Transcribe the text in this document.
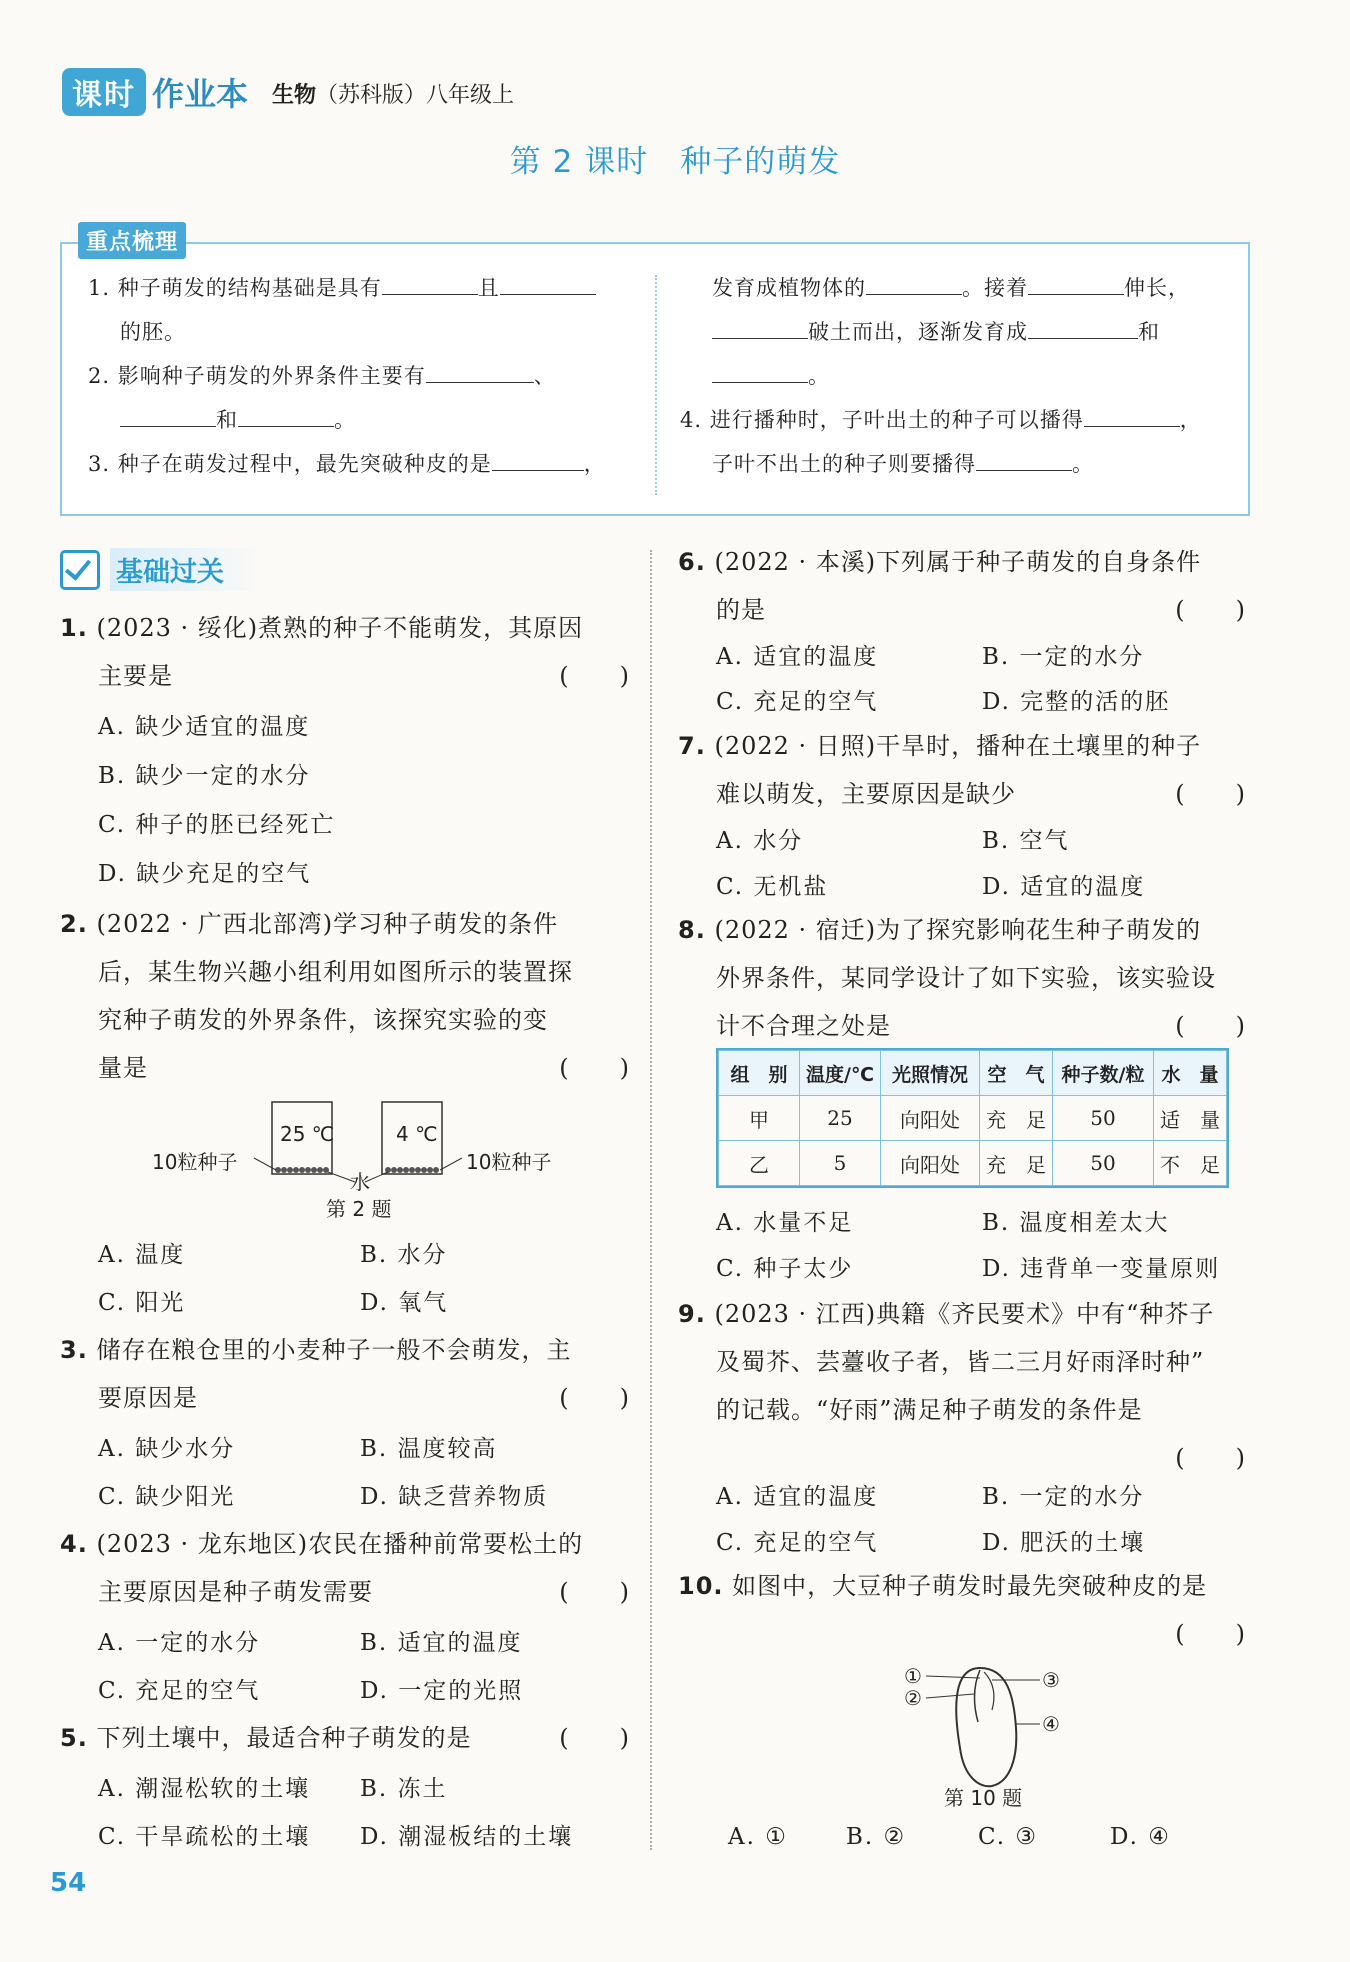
课时 作业本 生物（苏科版）八年级上
第 2 课时　种子的萌发
重点梳理
1. 种子萌发的结构基础是具有	且
的胚。
2. 影响种子萌发的外界条件主要有	、
和	。
3. 种子在萌发过程中，最先突破种皮的是	，
发育成植物体的	。接着	伸长，
破土而出，逐渐发育成	和
。
4. 进行播种时，子叶出土的种子可以播得	，
子叶不出土的种子则要播得	。
基础过关
1. (2023 · 绥化)煮熟的种子不能萌发，其原因
主要是	(　　)
A. 缺少适宜的温度
B. 缺少一定的水分
C. 种子的胚已经死亡
D. 缺少充足的空气
2. (2022 · 广西北部湾)学习种子萌发的条件
后，某生物兴趣小组利用如图所示的装置探
究种子萌发的外界条件，该探究实验的变
量是	(　　)
25 ℃	4 ℃
10粒种子	10粒种子
水
第 2 题
A. 温度	B. 水分
C. 阳光	D. 氧气
3. 储存在粮仓里的小麦种子一般不会萌发，主
要原因是	(　　)
A. 缺少水分	B. 温度较高
C. 缺少阳光	D. 缺乏营养物质
4. (2023 · 龙东地区)农民在播种前常要松土的
主要原因是种子萌发需要	(　　)
A. 一定的水分	B. 适宜的温度
C. 充足的空气	D. 一定的光照
5. 下列土壤中，最适合种子萌发的是	(　　)
A. 潮湿松软的土壤 B. 冻土
C. 干旱疏松的土壤 D. 潮湿板结的土壤
6. (2022 · 本溪)下列属于种子萌发的自身条件
的是	(　　)
A. 适宜的温度	B. 一定的水分
C. 充足的空气	D. 完整的活的胚
7. (2022 · 日照)干旱时，播种在土壤里的种子
难以萌发，主要原因是缺少	(　　)
A. 水分	B. 空气
C. 无机盐	D. 适宜的温度
8. (2022 · 宿迁)为了探究影响花生种子萌发的
外界条件，某同学设计了如下实验，该实验设
计不合理之处是	(　　)
组　别	温度/℃	光照情况	空　气	种子数/粒	水　量
甲	25	向阳处	充　足	50	适　量
乙	5	向阳处	充　足	50	不　足
A. 水量不足	B. 温度相差太大
C. 种子太少	D. 违背单一变量原则
9. (2023 · 江西)典籍《齐民要术》中有“种芥子
及蜀芥、芸薹收子者，皆二三月好雨泽时种”
的记载。“好雨”满足种子萌发的条件是
(　　)
A. 适宜的温度	B. 一定的水分
C. 充足的空气	D. 肥沃的土壤
10. 如图中，大豆种子萌发时最先突破种皮的是
(　　)
①
②
③
④
第 10 题
A. ①	B. ②	C. ③	D. ④
54
